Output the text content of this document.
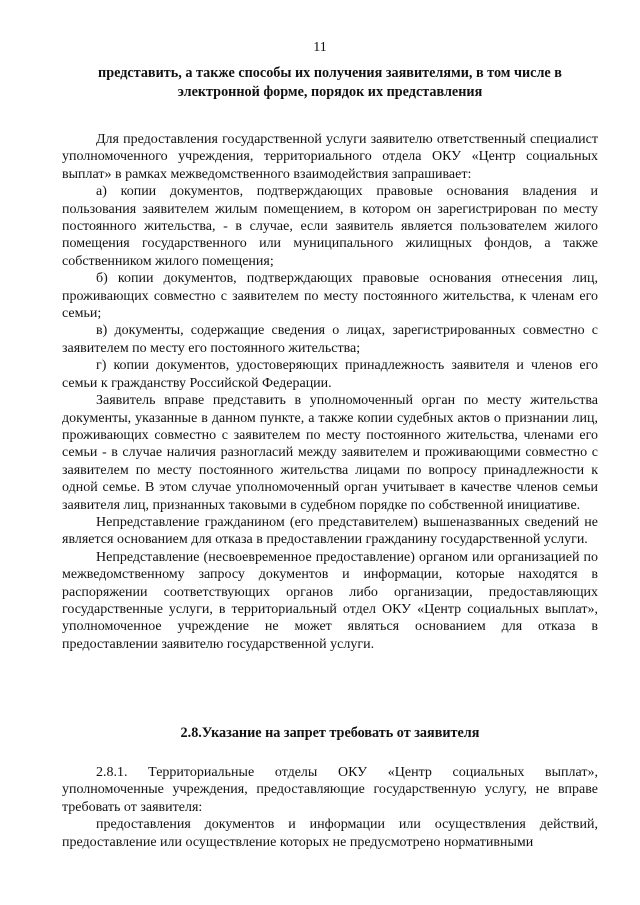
11
представить, а также способы их получения заявителями, в том числе в электронной форме, порядок их представления

Для предоставления государственной услуги заявителю ответственный специалист уполномоченного учреждения, территориального отдела ОКУ «Центр социальных выплат» в рамках межведомственного взаимодействия запрашивает:

а) копии документов, подтверждающих правовые основания владения и пользования заявителем жилым помещением, в котором он зарегистрирован по месту постоянного жительства, - в случае, если заявитель является пользователем жилого помещения государственного или муниципального жилищных фондов, а также собственником жилого помещения;

б) копии документов, подтверждающих правовые основания отнесения лиц, проживающих совместно с заявителем по месту постоянного жительства, к членам его семьи;

в) документы, содержащие сведения о лицах, зарегистрированных совместно с заявителем по месту его постоянного жительства;

г) копии документов, удостоверяющих принадлежность заявителя и членов его семьи к гражданству Российской Федерации.

Заявитель вправе представить в уполномоченный орган по месту жительства документы, указанные в данном пункте, а также копии судебных актов о признании лиц, проживающих совместно с заявителем по месту постоянного жительства, членами его семьи - в случае наличия разногласий между заявителем и проживающими совместно с заявителем по месту постоянного жительства лицами по вопросу принадлежности к одной семье. В этом случае уполномоченный орган учитывает в качестве членов семьи заявителя лиц, признанных таковыми в судебном порядке по собственной инициативе.

Непредставление гражданином (его представителем) вышеназванных сведений не является основанием для отказа в предоставлении гражданину государственной услуги.

Непредставление (несвоевременное предоставление) органом или организацией по межведомственному запросу документов и информации, которые находятся в распоряжении соответствующих органов либо организации, предоставляющих государственные услуги, в территориальный отдел ОКУ «Центр социальных выплат», уполномоченное учреждение не может являться основанием для отказа в предоставлении заявителю государственной услуги.

2.8.Указание на запрет требовать от заявителя

2.8.1. Территориальные отделы ОКУ «Центр социальных выплат», уполномоченные учреждения, предоставляющие государственную услугу, не вправе требовать от заявителя:

предоставления документов и информации или осуществления действий, предоставление или осуществление которых не предусмотрено нормативными
